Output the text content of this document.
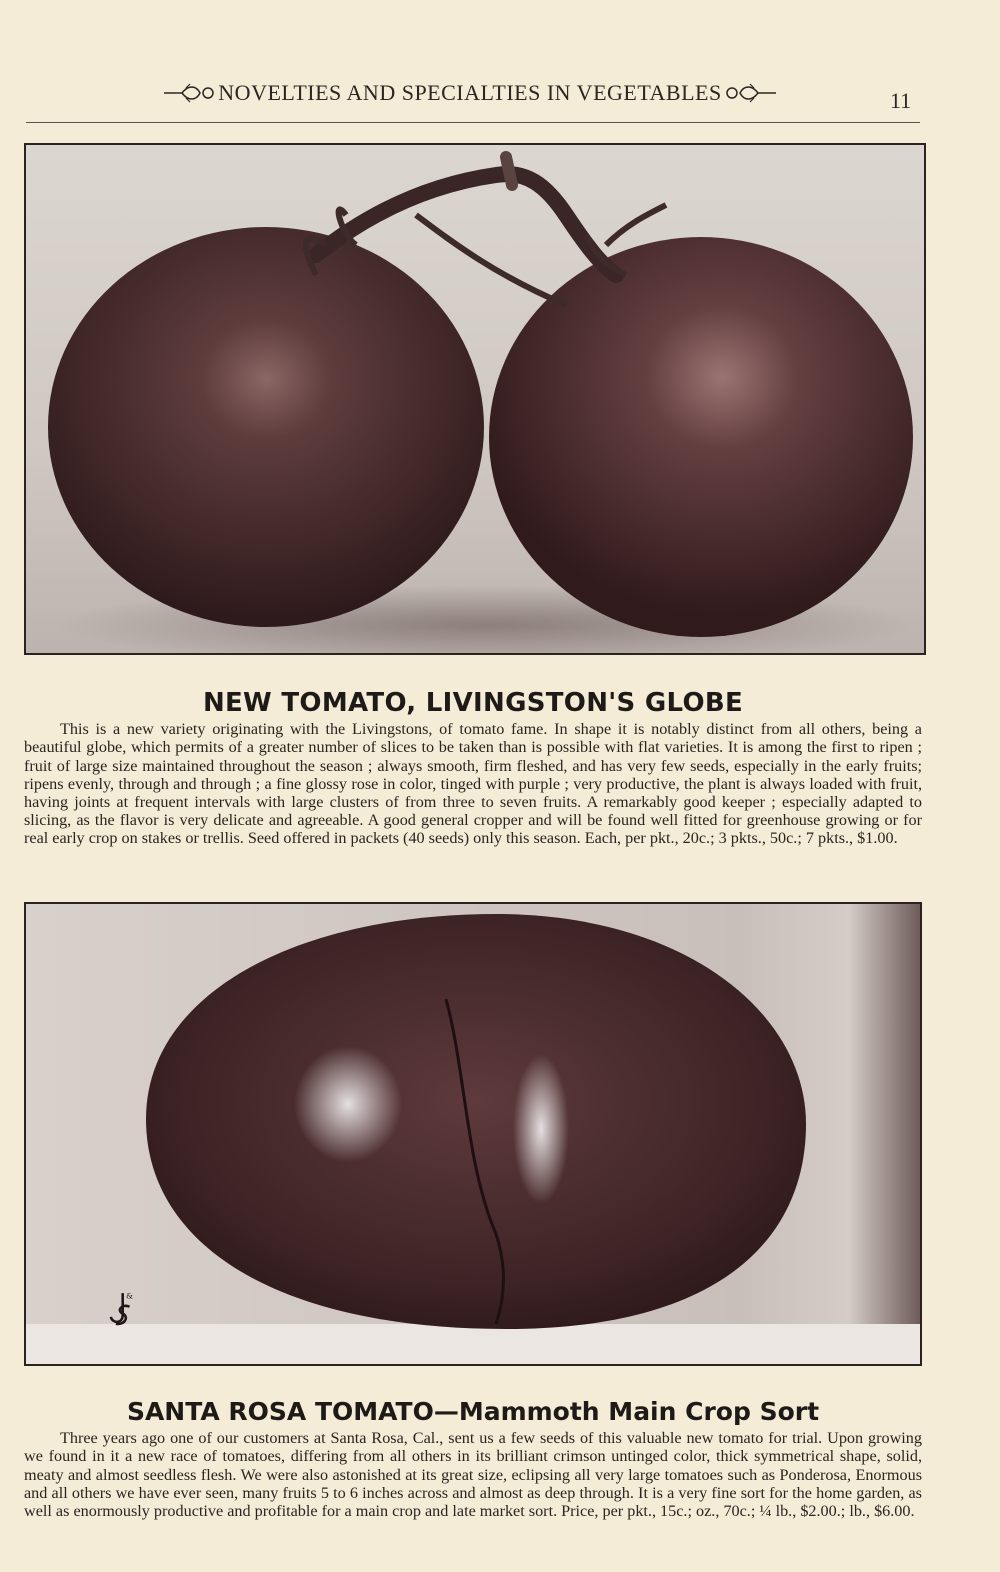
NOVELTIES AND SPECIALTIES IN VEGETABLES	11
NEW TOMATO, LIVINGSTON'S GLOBE

This is a new variety originating with the Livingstons, of tomato fame. In shape it is notably distinct from all others, being a beautiful globe, which permits of a greater number of slices to be taken than is possible with flat varieties. It is among the first to ripen ; fruit of large size maintained throughout the season ; always smooth, firm fleshed, and has very few seeds, especially in the early fruits; ripens evenly, through and through ; a fine glossy rose in color, tinged with purple ; very productive, the plant is always loaded with fruit, having joints at frequent intervals with large clusters of from three to seven fruits. A remarkably good keeper ; especially adapted to slicing, as the flavor is very delicate and agreeable. A good general cropper and will be found well fitted for greenhouse growing or for real early crop on stakes or trellis. Seed offered in packets (40 seeds) only this season. Each, per pkt., 20c.; 3 pkts., 50c.; 7 pkts., $1.00.

&
SANTA ROSA TOMATO—Mammoth Main Crop Sort

Three years ago one of our customers at Santa Rosa, Cal., sent us a few seeds of this valuable new tomato for trial. Upon growing we found in it a new race of tomatoes, differing from all others in its brilliant crimson untinged color, thick symmetrical shape, solid, meaty and almost seedless flesh. We were also astonished at its great size, eclipsing all very large tomatoes such as Ponderosa, Enormous and all others we have ever seen, many fruits 5 to 6 inches across and almost as deep through. It is a very fine sort for the home garden, as well as enormously productive and profitable for a main crop and late market sort. Price, per pkt., 15c.; oz., 70c.; ¼ lb., $2.00.; lb., $6.00.
